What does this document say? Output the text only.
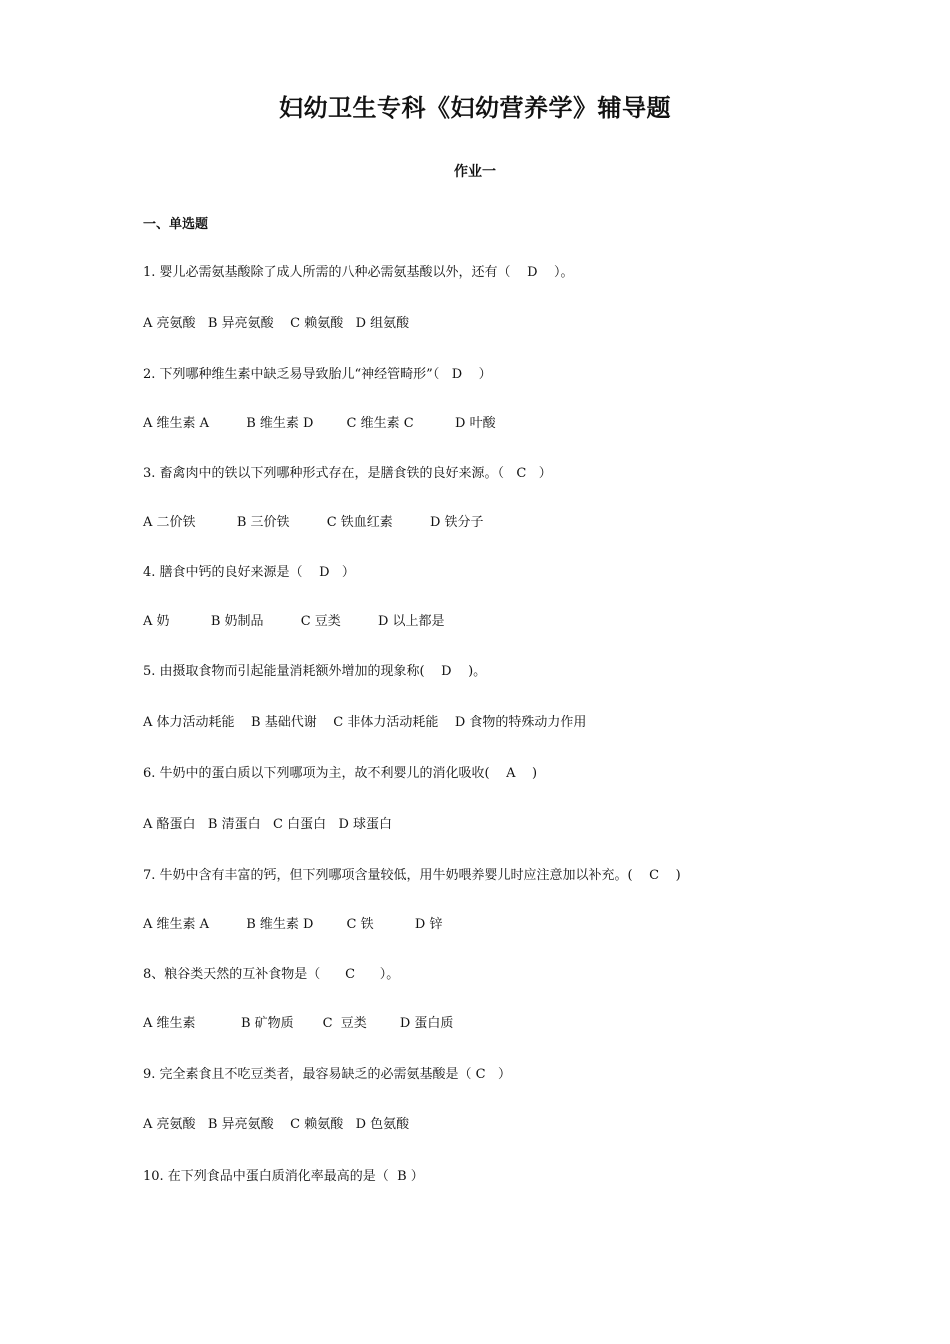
妇幼卫生专科《妇幼营养学》辅导题
作业一
一、单选题
1. 婴儿必需氨基酸除了成人所需的八种必需氨基酸以外，还有（    D    ）。
A 亮氨酸   B 异亮氨酸    C 赖氨酸   D 组氨酸
2. 下列哪种维生素中缺乏易导致胎儿“神经管畸形”（   D    ）
A 维生素 A         B 维生素 D        C 维生素 C          D 叶酸
3. 畜禽肉中的铁以下列哪种形式存在，是膳食铁的良好来源。（   C   ）
A 二价铁          B 三价铁         C 铁血红素         D 铁分子
4. 膳食中钙的良好来源是（    D   ）
A 奶          B 奶制品         C 豆类         D 以上都是
5. 由摄取食物而引起能量消耗额外增加的现象称(    D    )。
A 体力活动耗能    B 基础代谢    C 非体力活动耗能    D 食物的特殊动力作用
6. 牛奶中的蛋白质以下列哪项为主，故不利婴儿的消化吸收(    A    )
A 酪蛋白   B 清蛋白   C 白蛋白   D 球蛋白
7. 牛奶中含有丰富的钙，但下列哪项含量较低，用牛奶喂养婴儿时应注意加以补充。(    C    )
A 维生素 A         B 维生素 D        C 铁          D 锌
8、粮谷类天然的互补食物是（      C      ）。
A 维生素           B 矿物质       C  豆类        D 蛋白质
9. 完全素食且不吃豆类者，最容易缺乏的必需氨基酸是（ C   ）
A 亮氨酸   B 异亮氨酸    C 赖氨酸   D 色氨酸
10. 在下列食品中蛋白质消化率最高的是（  B ）
